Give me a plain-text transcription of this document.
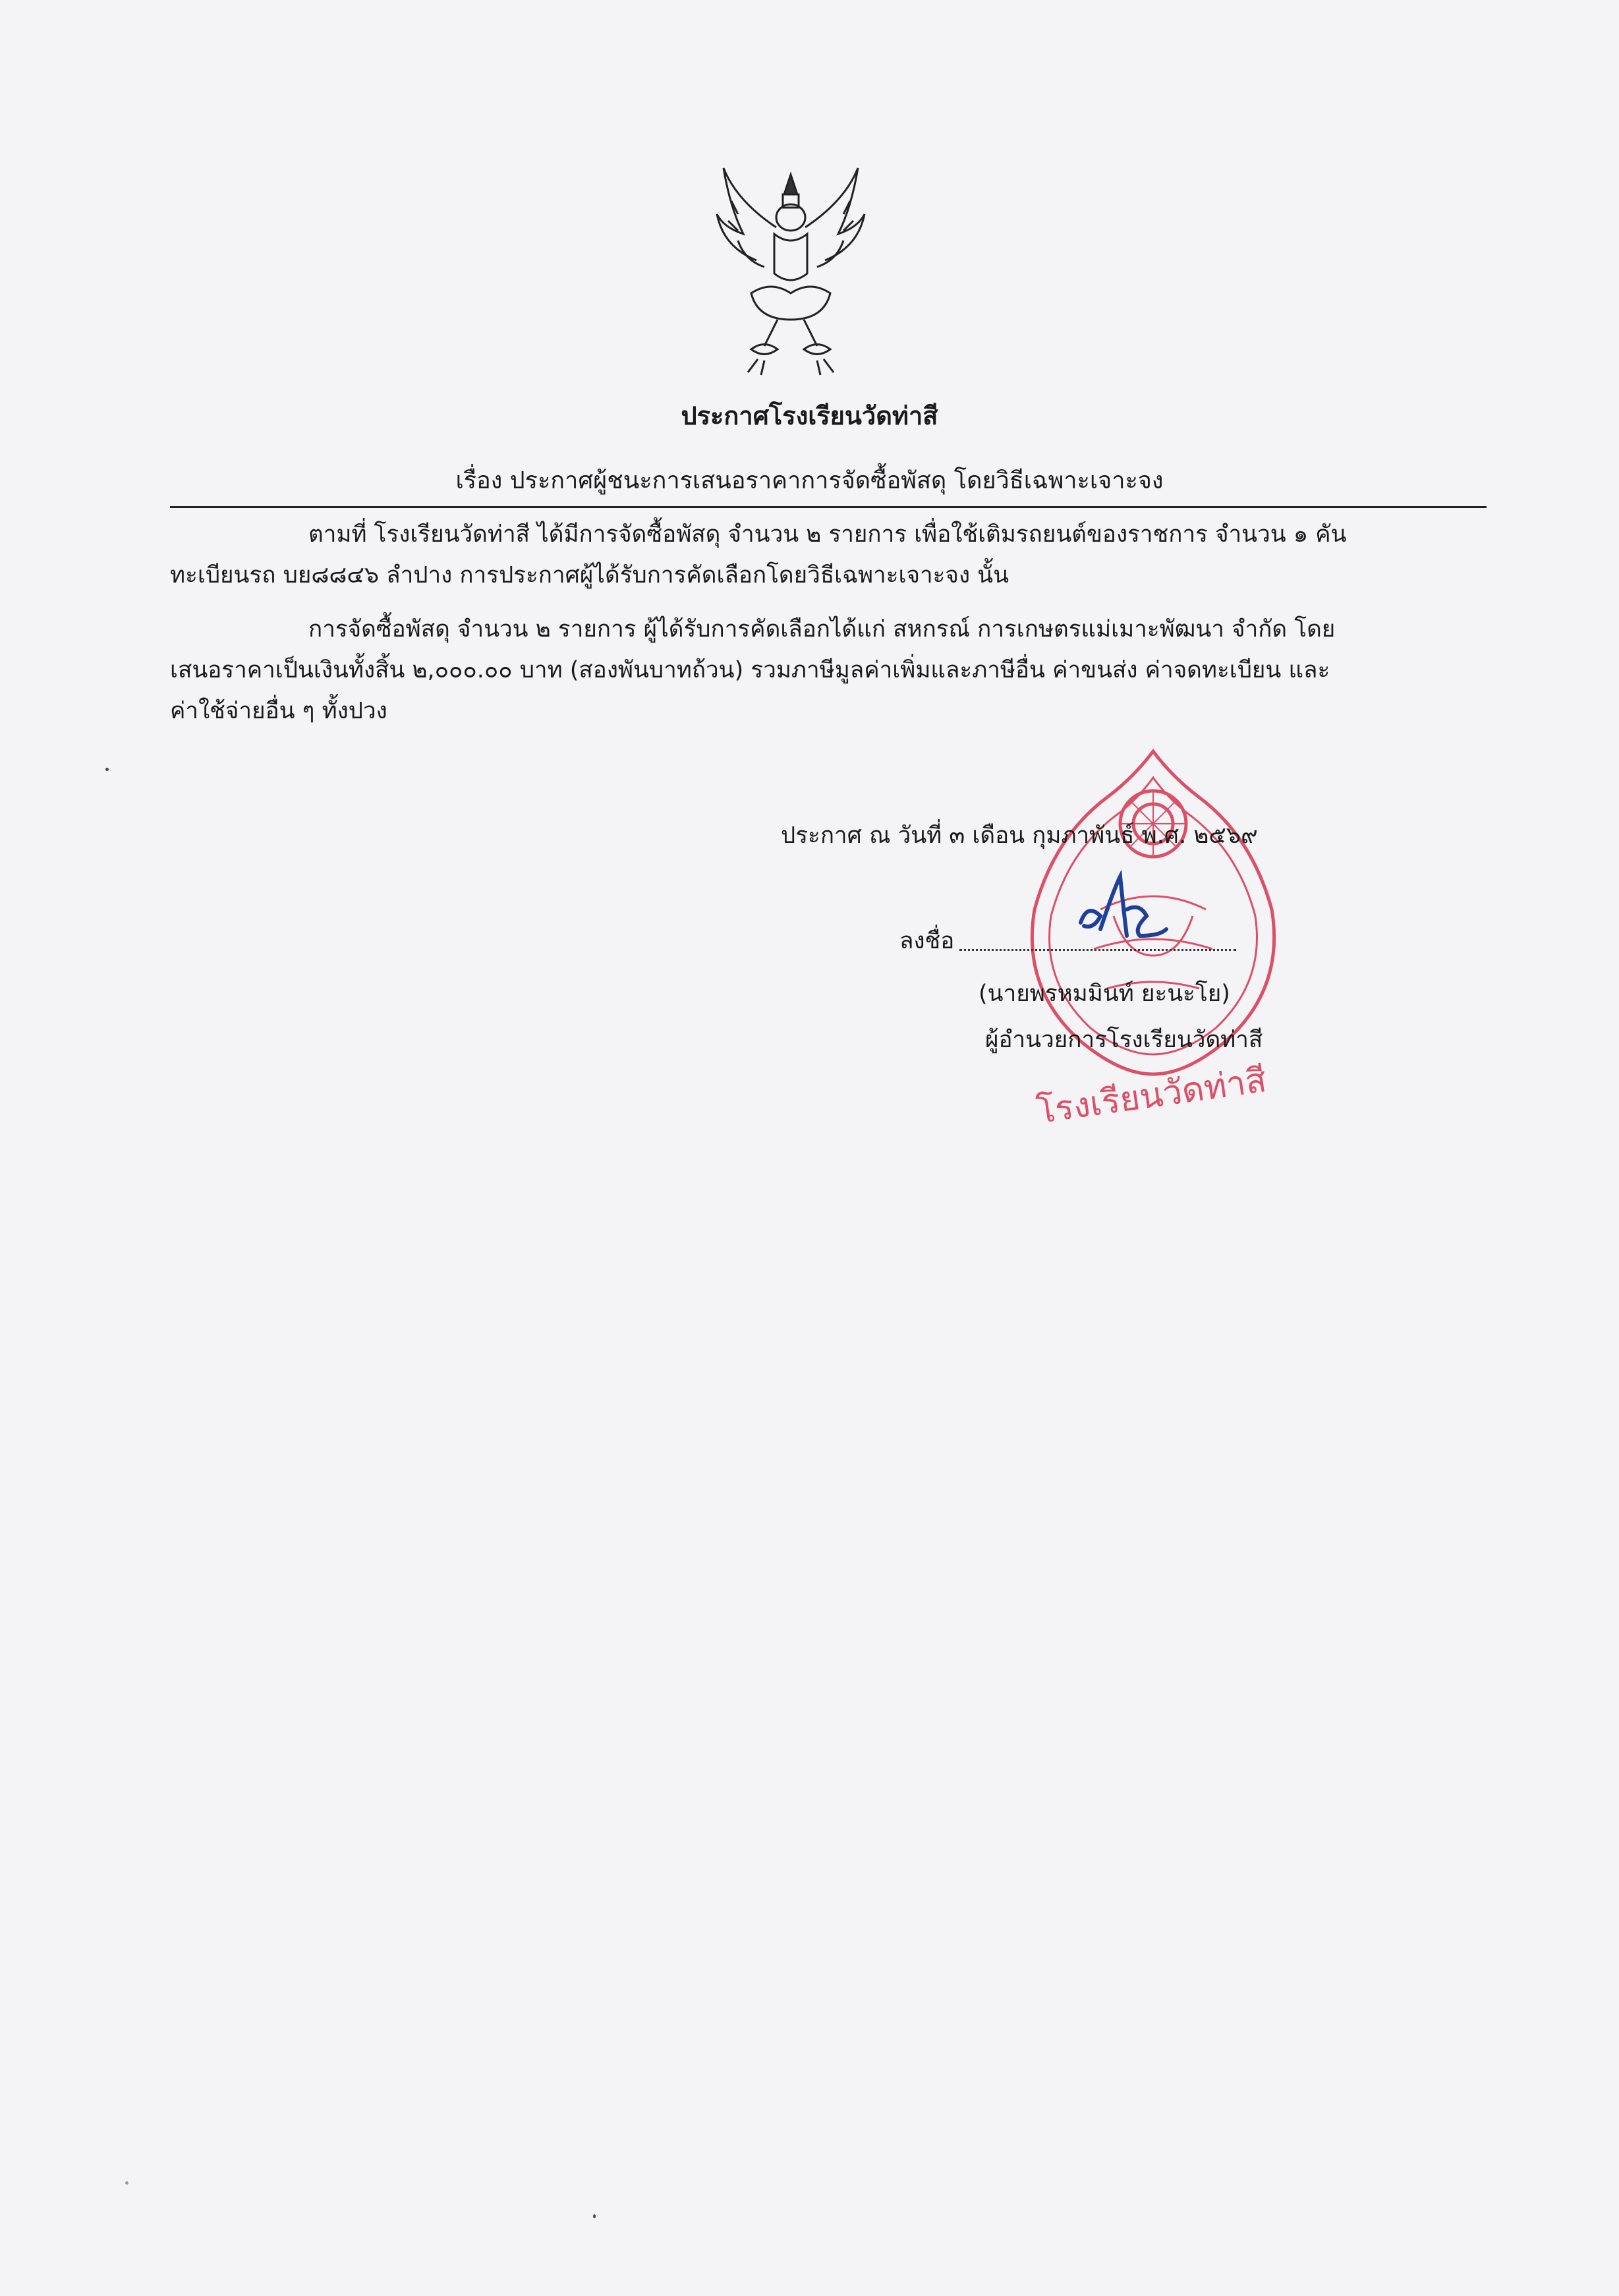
ประกาศโรงเรียนวัดท่าสี
เรื่อง ประกาศผู้ชนะการเสนอราคาการจัดซื้อพัสดุ โดยวิธีเฉพาะเจาะจง
ตามที่ โรงเรียนวัดท่าสี ได้มีการจัดซื้อพัสดุ จำนวน ๒ รายการ เพื่อใช้เติมรถยนต์ของราชการ จำนวน ๑ คัน
ทะเบียนรถ บย๘๘๔๖ ลำปาง การประกาศผู้ได้รับการคัดเลือกโดยวิธีเฉพาะเจาะจง นั้น
การจัดซื้อพัสดุ จำนวน ๒ รายการ ผู้ได้รับการคัดเลือกได้แก่ สหกรณ์ การเกษตรแม่เมาะพัฒนา จำกัด โดย
เสนอราคาเป็นเงินทั้งสิ้น ๒,๐๐๐.๐๐ บาท (สองพันบาทถ้วน) รวมภาษีมูลค่าเพิ่มและภาษีอื่น ค่าขนส่ง ค่าจดทะเบียน และ
ค่าใช้จ่ายอื่น ๆ ทั้งปวง
โรงเรียนวัดท่าสี
ประกาศ ณ วันที่ ๓ เดือน กุมภาพันธ์ พ.ศ. ๒๕๖๙
ลงชื่อ
(นายพรหมมินท์ ยะนะโย)
ผู้อำนวยการโรงเรียนวัดท่าสี
